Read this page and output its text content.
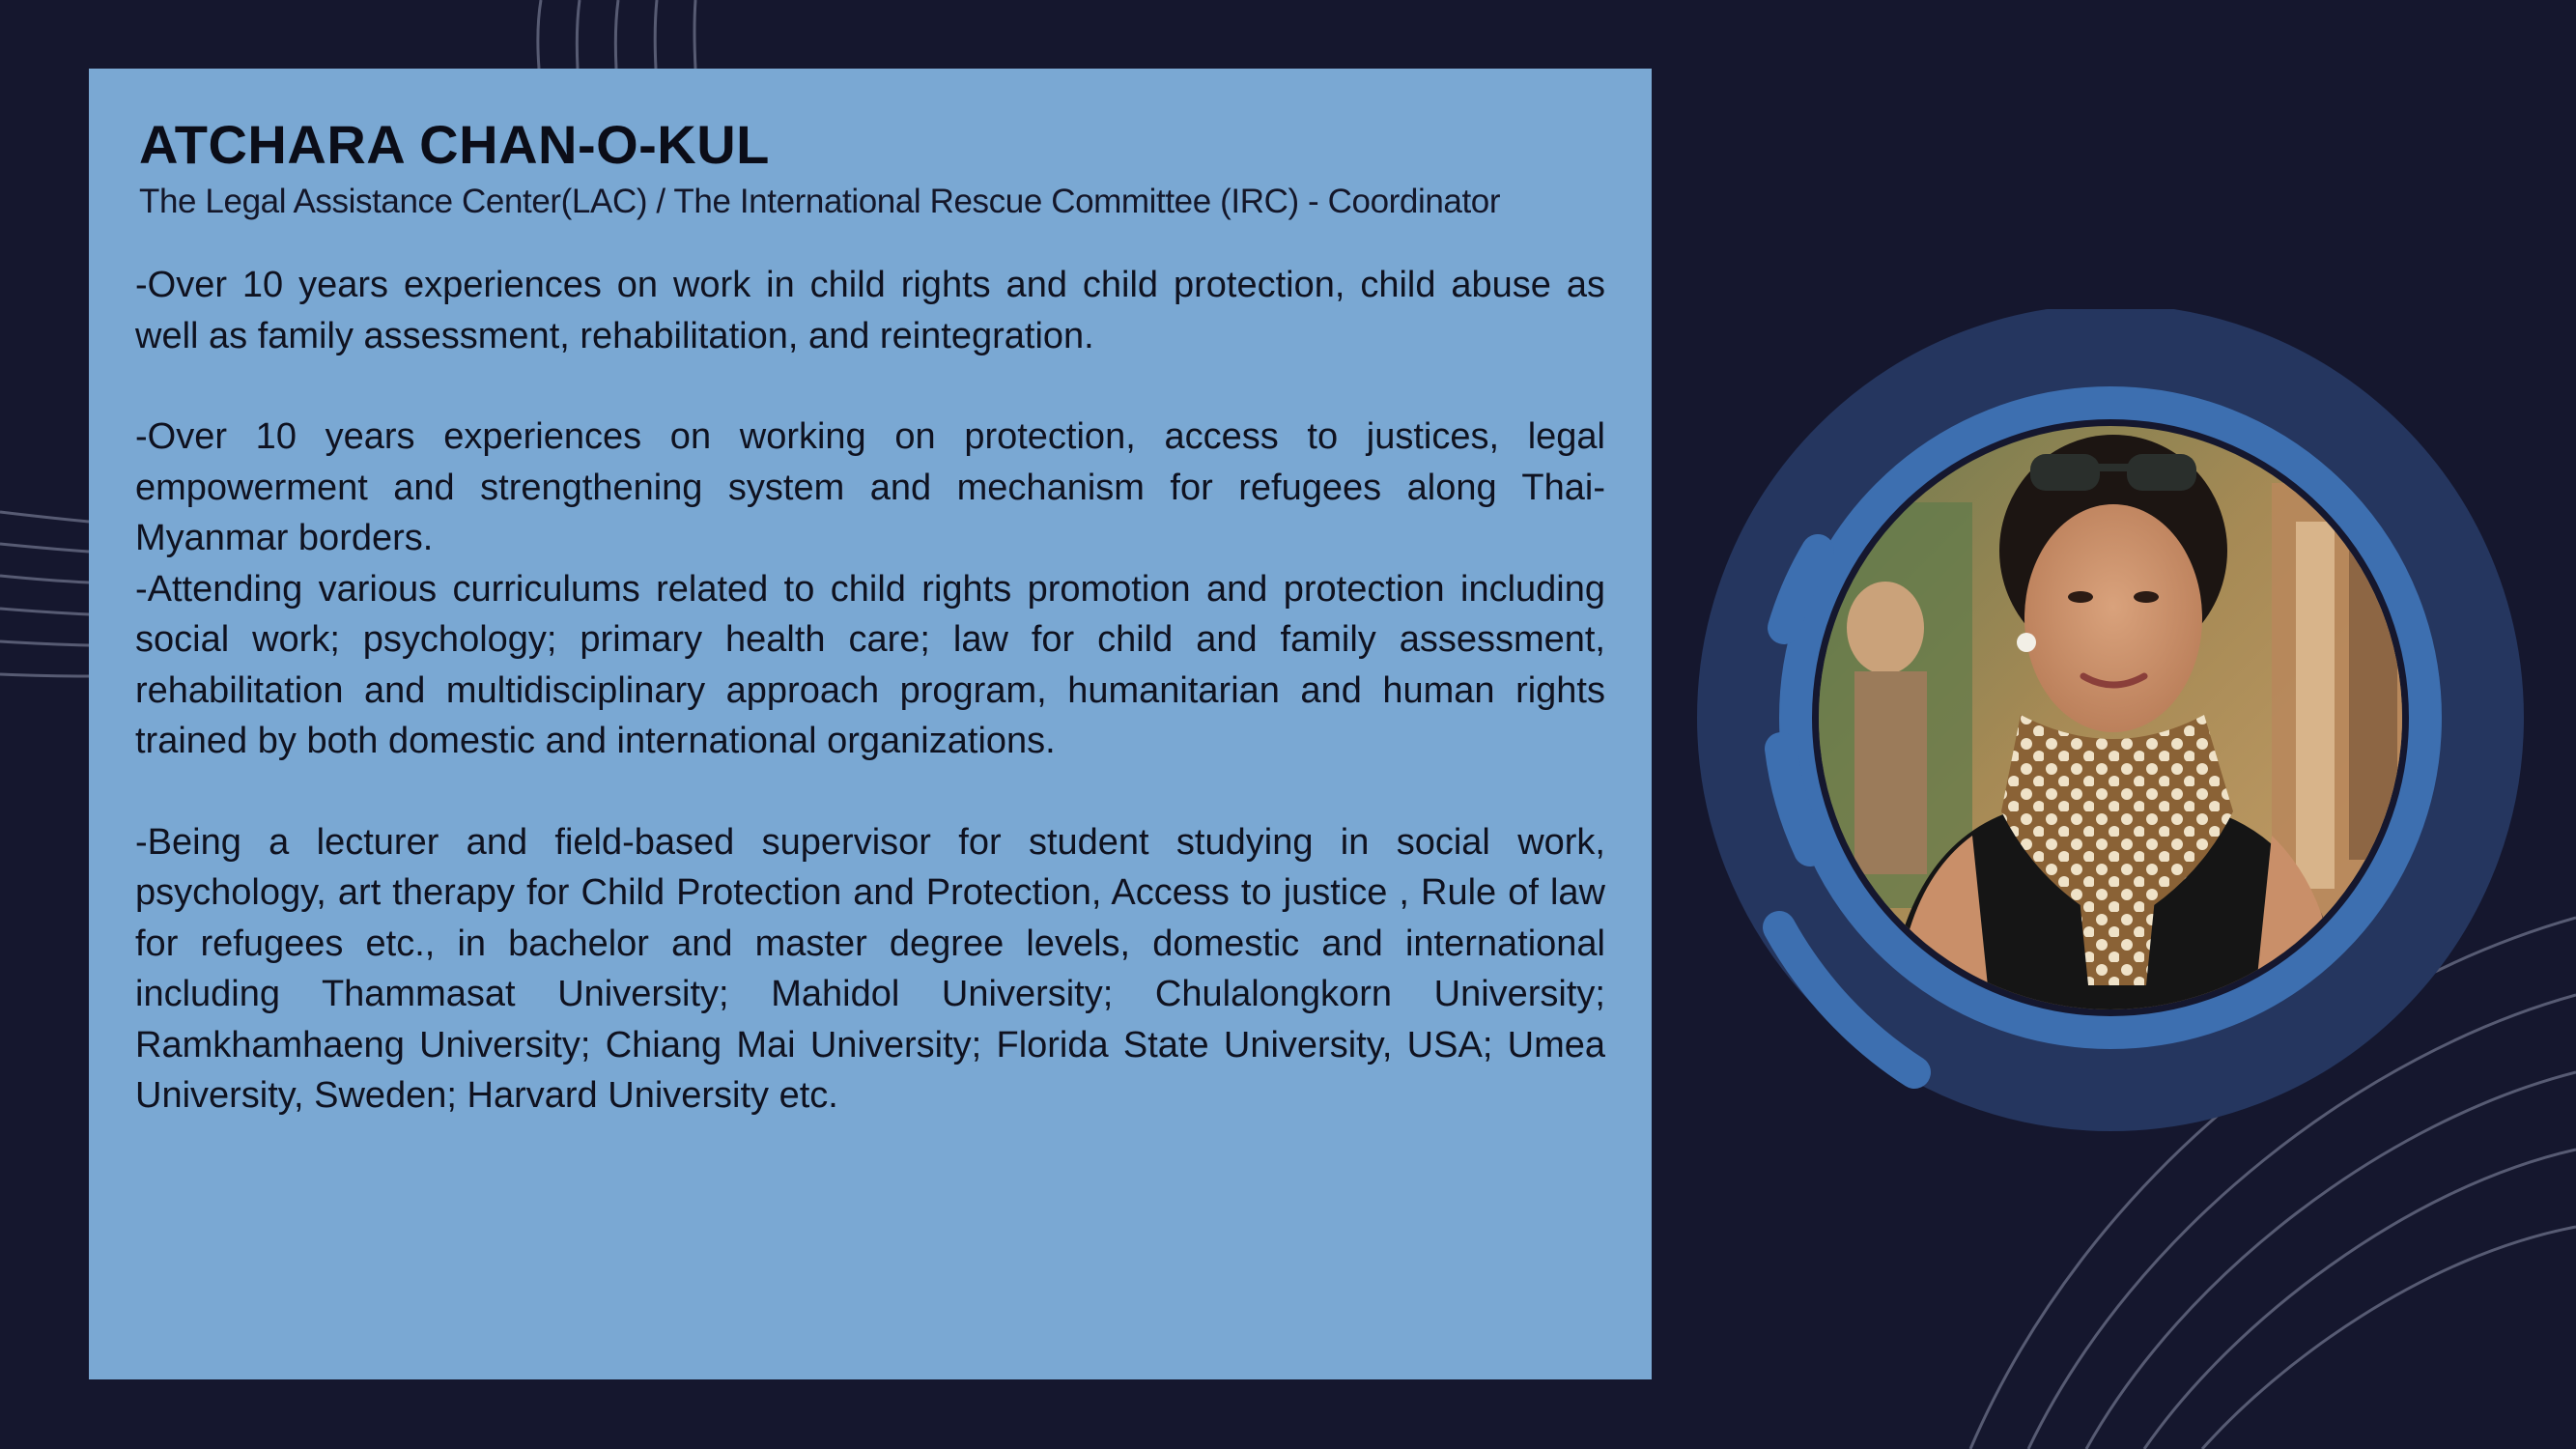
ATCHARA CHAN-O-KUL

The Legal Assistance Center(LAC) / The International Rescue Committee (IRC) - Coordinator

-Over 10 years experiences on work in child rights and child protection, child abuse as well as family assessment, rehabilitation, and reintegration.

-Over 10 years experiences on working on protection, access to justices, legal empowerment and strengthening system and mechanism for refugees along Thai-Myanmar borders.

-Attending various curriculums related to child rights promotion and protection including social work; psychology; primary health care; law for child and family assessment, rehabilitation and multidisciplinary approach program, humanitarian and human rights trained by both domestic and international organizations.

-Being a lecturer and field-based supervisor for student studying in social work, psychology, art therapy for Child Protection and Protection, Access to justice , Rule of law for refugees etc., in bachelor and master degree levels, domestic and international including Thammasat University; Mahidol University; Chulalongkorn University; Ramkhamhaeng University; Chiang Mai University; Florida State University, USA; Umea University, Sweden; Harvard University etc.
